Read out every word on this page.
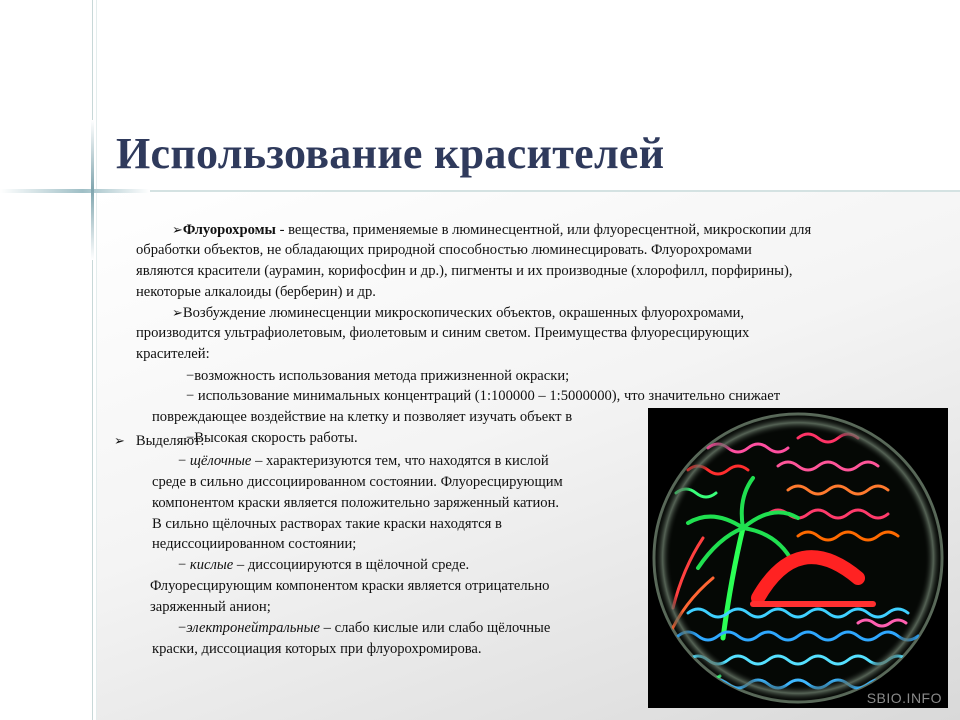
Использование красителей
➢Флуорохромы - вещества, применяемые в люминесцентной, или флуоресцентной, микроскопии для
обработки объектов, не обладающих природной способностью люминесцировать. Флуорохромами
являются красители (аурамин, корифосфин и др.), пигменты и их производные (хлорофилл, порфирины),
некоторые алкалоиды (берберин) и др.
➢Возбуждение люминесценции микроскопических объектов, окрашенных флуорохромами,
производится ультрафиолетовым, фиолетовым и синим светом. Преимущества флуоресцирующих
красителей:
−возможность использования метода прижизненной окраски;
− использование минимальных концентраций (1:100000 – 1:5000000), что значительно снижает
повреждающее воздействие на клетку и позволяет изучать объект в
−Высокая скорость работы.
➢ Выделяют:
− щёлочные – характеризуются тем, что находятся в кислой
среде в сильно диссоциированном состоянии. Флуоресцирующим
компонентом краски является положительно заряженный катион.
В сильно щёлочных растворах такие краски находятся в
недиссоциированном состоянии;
− кислые – диссоциируются в щёлочной среде.
Флуоресцирующим компонентом краски является отрицательно
заряженный анион;
−электронейтральные – слабо кислые или слабо щёлочные
краски, диссоциация которых при флуорохромирова.
SBIO.INFO
